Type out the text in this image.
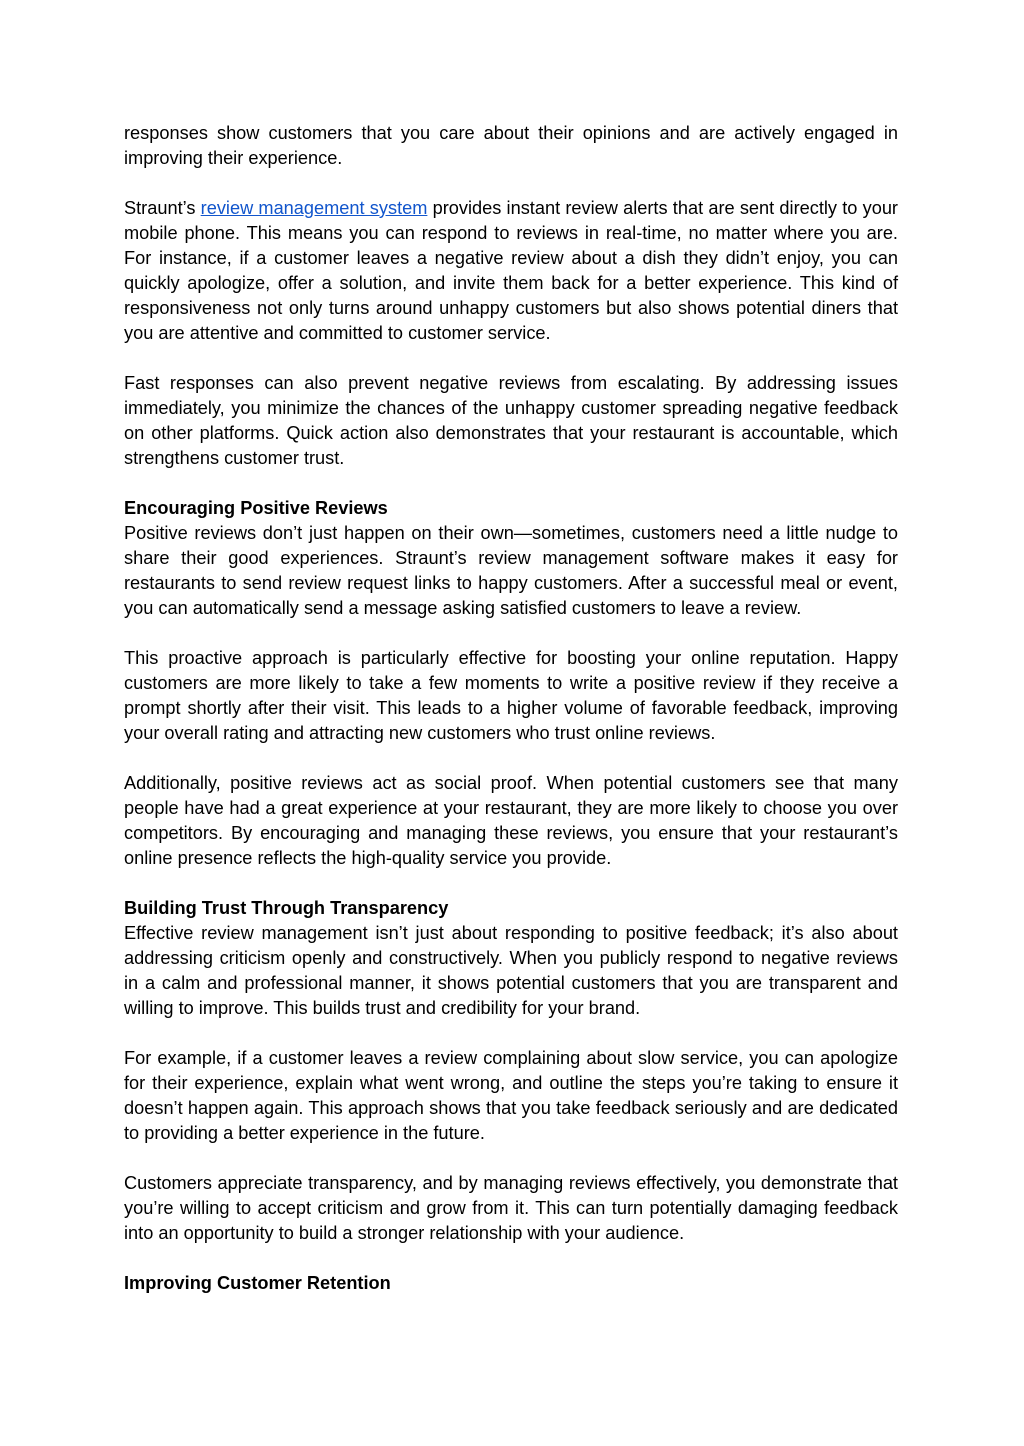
responses show customers that you care about their opinions and are actively engaged in improving their experience.

Straunt’s review management system provides instant review alerts that are sent directly to your mobile phone. This means you can respond to reviews in real-time, no matter where you are. For instance, if a customer leaves a negative review about a dish they didn’t enjoy, you can quickly apologize, offer a solution, and invite them back for a better experience. This kind of responsiveness not only turns around unhappy customers but also shows potential diners that you are attentive and committed to customer service.

Fast responses can also prevent negative reviews from escalating. By addressing issues immediately, you minimize the chances of the unhappy customer spreading negative feedback on other platforms. Quick action also demonstrates that your restaurant is accountable, which strengthens customer trust.

Encouraging Positive Reviews

Positive reviews don’t just happen on their own—sometimes, customers need a little nudge to share their good experiences. Straunt’s review management software makes it easy for restaurants to send review request links to happy customers. After a successful meal or event, you can automatically send a message asking satisfied customers to leave a review.

This proactive approach is particularly effective for boosting your online reputation. Happy customers are more likely to take a few moments to write a positive review if they receive a prompt shortly after their visit. This leads to a higher volume of favorable feedback, improving your overall rating and attracting new customers who trust online reviews.

Additionally, positive reviews act as social proof. When potential customers see that many people have had a great experience at your restaurant, they are more likely to choose you over competitors. By encouraging and managing these reviews, you ensure that your restaurant’s online presence reflects the high-quality service you provide.

Building Trust Through Transparency

Effective review management isn’t just about responding to positive feedback; it’s also about addressing criticism openly and constructively. When you publicly respond to negative reviews in a calm and professional manner, it shows potential customers that you are transparent and willing to improve. This builds trust and credibility for your brand.

For example, if a customer leaves a review complaining about slow service, you can apologize for their experience, explain what went wrong, and outline the steps you’re taking to ensure it doesn’t happen again. This approach shows that you take feedback seriously and are dedicated to providing a better experience in the future.

Customers appreciate transparency, and by managing reviews effectively, you demonstrate that you’re willing to accept criticism and grow from it. This can turn potentially damaging feedback into an opportunity to build a stronger relationship with your audience.

Improving Customer Retention
